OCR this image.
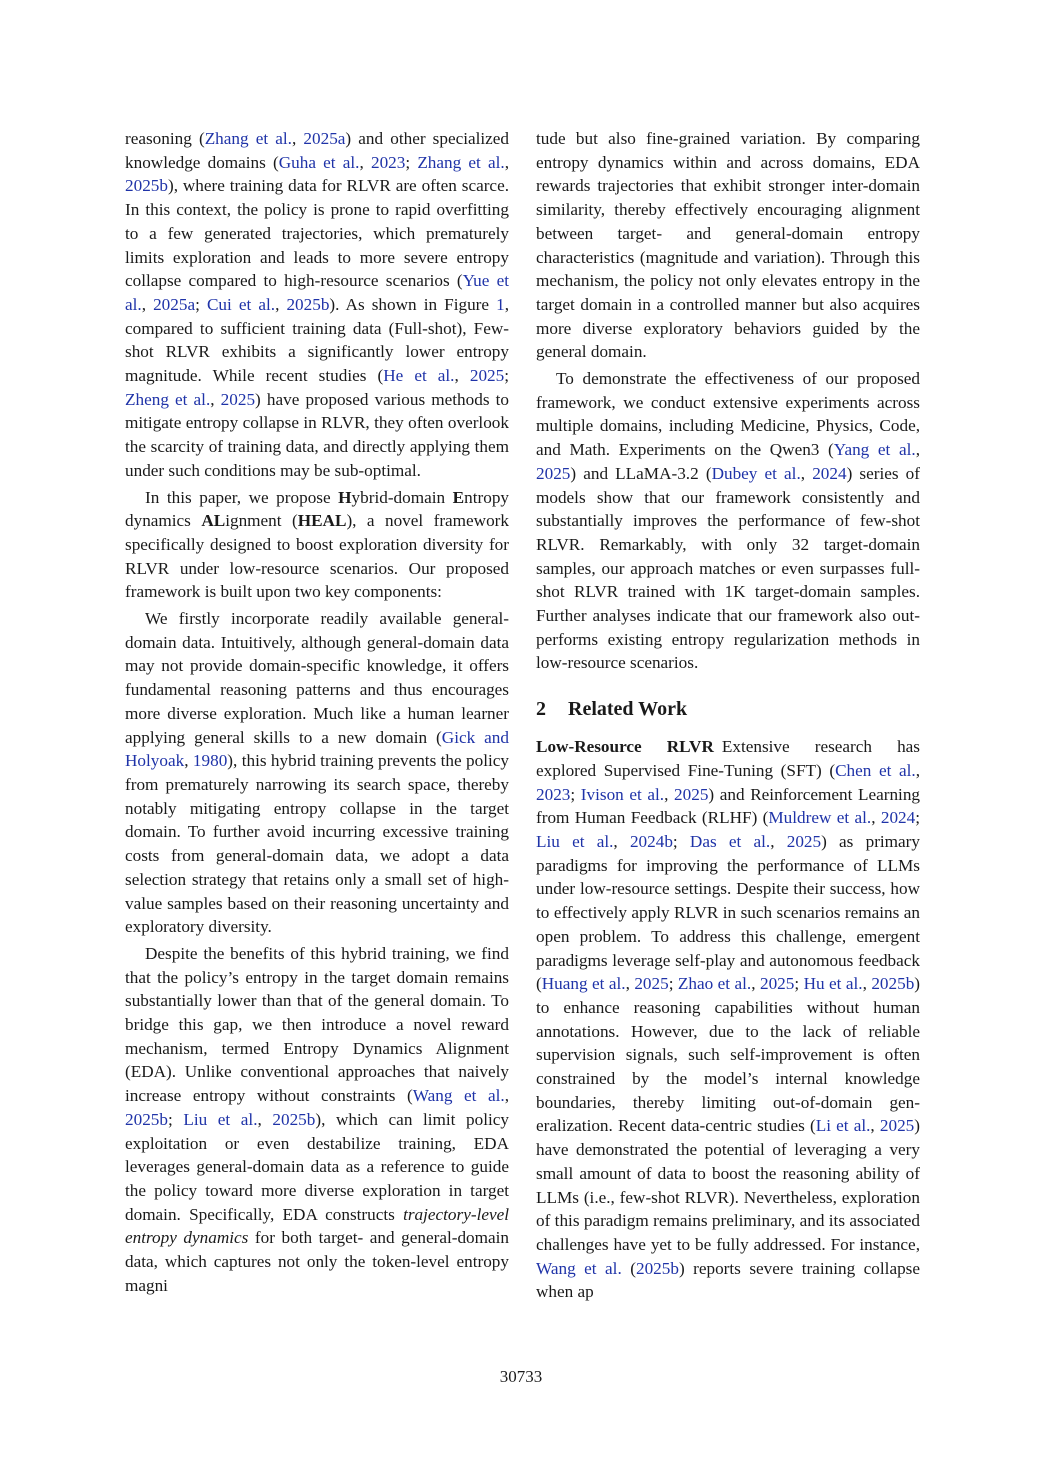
reasoning (Zhang et al., 2025a) and other specialized knowledge domains (Guha et al., 2023; Zhang et al., 2025b), where training data for RLVR are often scarce. In this context, the policy is prone to rapid overfitting to a few generated trajectories, which prematurely limits exploration and leads to more severe entropy collapse compared to high-resource scenarios (Yue et al., 2025a; Cui et al., 2025b). As shown in Figure 1, compared to sufficient training data (Full-shot), Few-shot RLVR exhibits a significantly lower entropy magnitude. While recent studies (He et al., 2025; Zheng et al., 2025) have proposed various methods to mitigate entropy collapse in RLVR, they often overlook the scarcity of training data, and directly applying them under such conditions may be sub-optimal.

In this paper, we propose Hybrid-domain Entropy dynamics ALignment (HEAL), a novel framework specifically designed to boost exploration diversity for RLVR under low-resource scenarios. Our proposed framework is built upon two key components:

We firstly incorporate readily available general-domain data. Intuitively, although general-domain data may not provide domain-specific knowledge, it offers fundamental reasoning patterns and thus encourages more diverse exploration. Much like a human learner applying general skills to a new domain (Gick and Holyoak, 1980), this hybrid training prevents the policy from prematurely narrowing its search space, thereby notably mitigating entropy collapse in the target domain. To further avoid incurring excessive training costs from general-domain data, we adopt a data selection strategy that retains only a small set of high-value samples based on their reasoning uncertainty and exploratory diversity.

Despite the benefits of this hybrid training, we find that the policy’s entropy in the target domain remains substantially lower than that of the general domain. To bridge this gap, we then introduce a novel reward mechanism, termed Entropy Dynamics Alignment (EDA). Unlike conventional approaches that naively increase entropy without constraints (Wang et al., 2025b; Liu et al., 2025b), which can limit policy exploitation or even destabilize training, EDA leverages general-domain data as a reference to guide the policy toward more diverse exploration in target domain. Specifically, EDA constructs trajectory-level entropy dynamics for both target- and general-domain data, which captures not only the token-level entropy magni

tude but also fine-grained variation. By comparing entropy dynamics within and across domains, EDA rewards trajectories that exhibit stronger inter-domain similarity, thereby effectively encouraging alignment between target- and general-domain entropy characteristics (magnitude and variation). Through this mechanism, the policy not only elevates entropy in the target domain in a controlled manner but also acquires more diverse exploratory behaviors guided by the general domain.

To demonstrate the effectiveness of our proposed framework, we conduct extensive experiments across multiple domains, including Medicine, Physics, Code, and Math. Experiments on the Qwen3 (Yang et al., 2025) and LLaMA-3.2 (Dubey et al., 2024) series of models show that our framework consistently and substantially improves the performance of few-shot RLVR. Remarkably, with only 32 target-domain samples, our approach matches or even surpasses full-shot RLVR trained with 1K target-domain samples. Further analyses indicate that our framework also outperforms existing entropy regularization methods in low-resource scenarios.

2 Related Work

Low-Resource RLVR Extensive research has explored Supervised Fine-Tuning (SFT) (Chen et al., 2023; Ivison et al., 2025) and Reinforcement Learning from Human Feedback (RLHF) (Muldrew et al., 2024; Liu et al., 2024b; Das et al., 2025) as primary paradigms for improving the performance of LLMs under low-resource settings. Despite their success, how to effectively apply RLVR in such scenarios remains an open problem. To address this challenge, emergent paradigms leverage self-play and autonomous feedback (Huang et al., 2025; Zhao et al., 2025; Hu et al., 2025b) to enhance reasoning capabilities without human annotations. However, due to the lack of reliable supervision signals, such self-improvement is often constrained by the model’s internal knowledge boundaries, thereby limiting out-of-domain generalization. Recent data-centric studies (Li et al., 2025) have demonstrated the potential of leveraging a very small amount of data to boost the reasoning ability of LLMs (i.e., few-shot RLVR). Nevertheless, exploration of this paradigm remains preliminary, and its associated challenges have yet to be fully addressed. For instance, Wang et al. (2025b) reports severe training collapse when ap

30733
